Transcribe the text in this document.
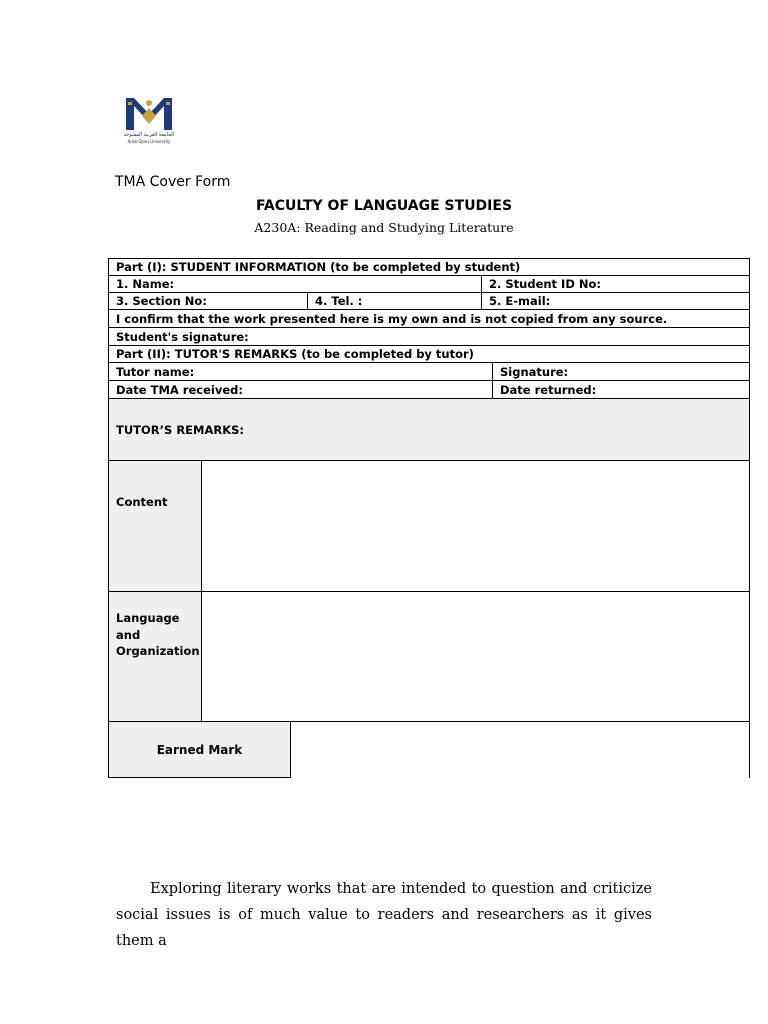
الجامعة العربية المفتوحة
Arab Open University
TMA Cover Form
FACULTY OF LANGUAGE STUDIES
A230A: Reading and Studying Literature
Part (I): STUDENT INFORMATION (to be completed by student)
1. Name:	2. Student ID No:
3. Section No:	4. Tel. :	5. E-mail:
I confirm that the work presented here is my own and is not copied from any source.
Student's signature:
Part (II): TUTOR'S REMARKS (to be completed by tutor)
Tutor name:	Signature:
Date TMA received:	Date returned:
TUTOR’S REMARKS:
Content
Language
and
Organization
Earned Mark
Exploring literary works that are intended to question and criticize social issues is of much value to readers and researchers as it gives them a
